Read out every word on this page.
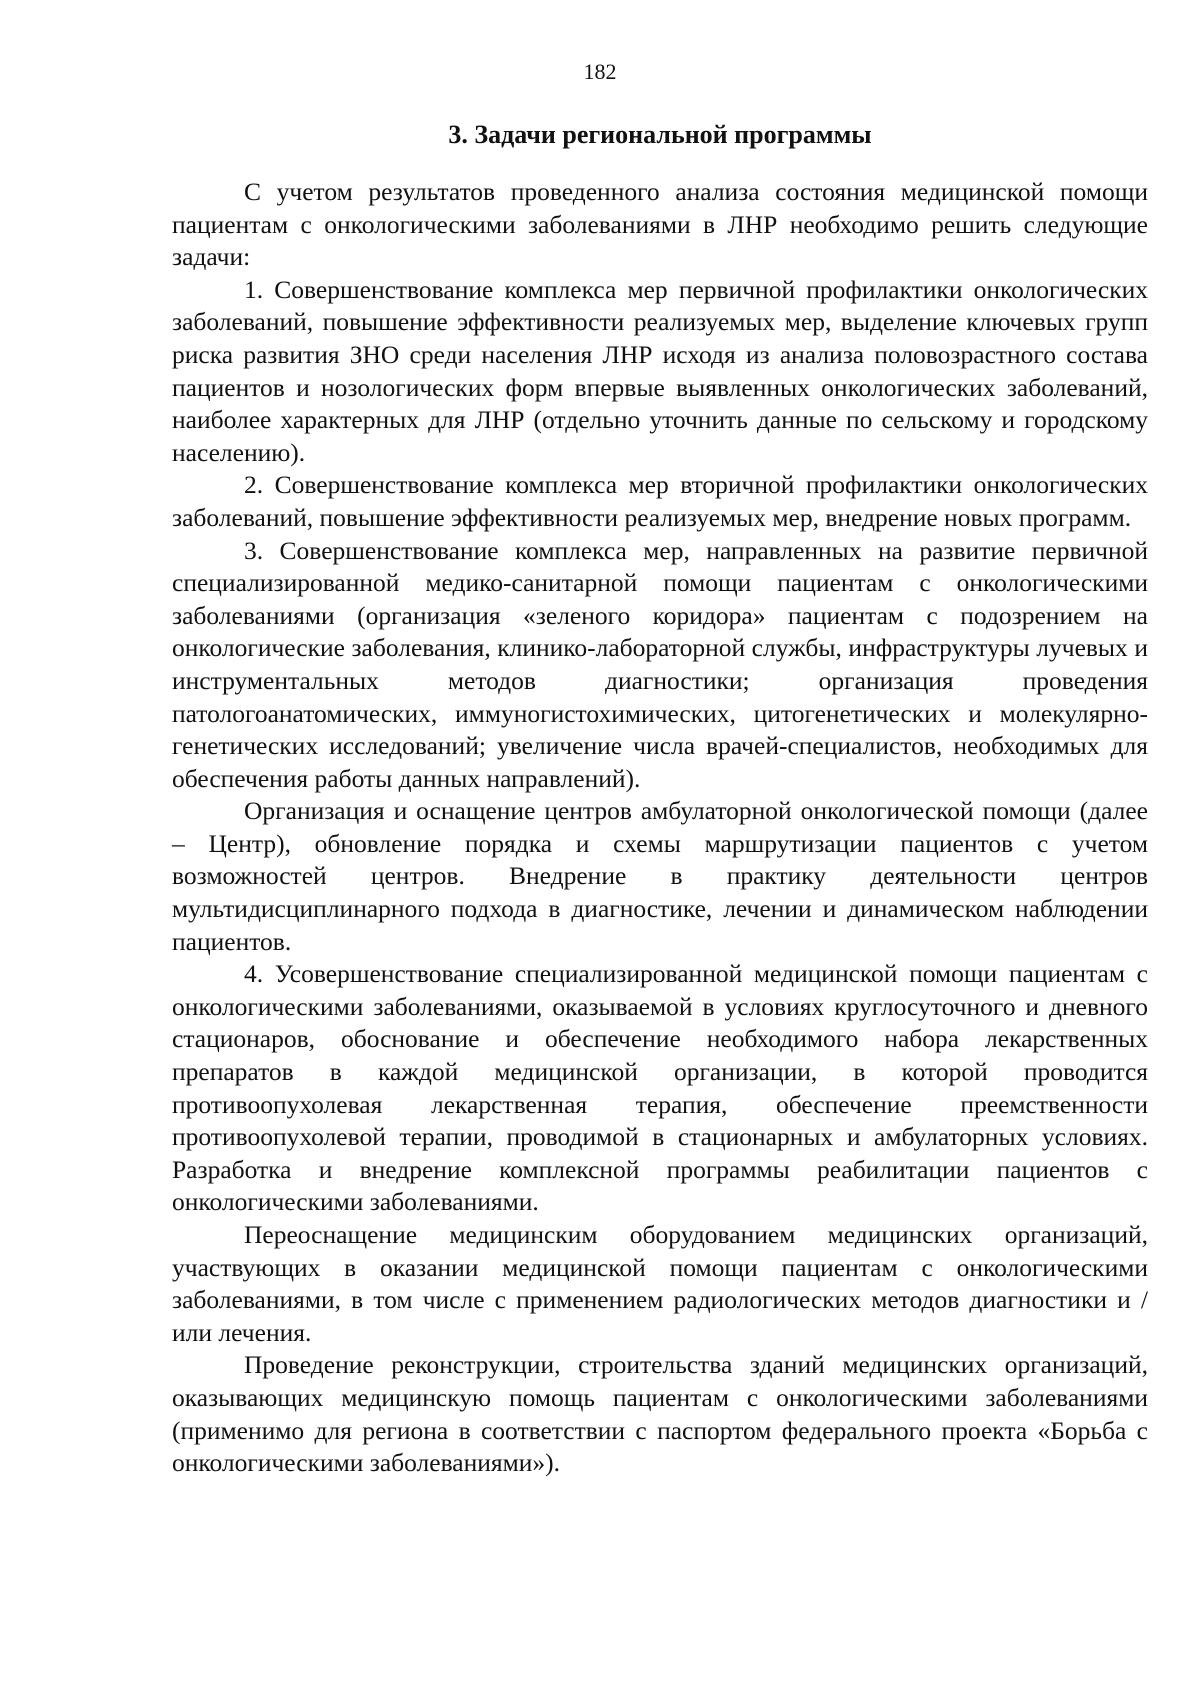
182
3. Задачи региональной программы

С учетом результатов проведенного анализа состояния медицинской помощи пациентам с онкологическими заболеваниями в ЛНР необходимо решить следующие задачи:

1. Совершенствование комплекса мер первичной профилактики онкологических заболеваний, повышение эффективности реализуемых мер, выделение ключевых групп риска развития ЗНО среди населения ЛНР исходя из анализа половозрастного состава пациентов и нозологических форм впервые выявленных онкологических заболеваний, наиболее характерных для ЛНР (отдельно уточнить данные по сельскому и городскому населению).

2. Совершенствование комплекса мер вторичной профилактики онкологических заболеваний, повышение эффективности реализуемых мер, внедрение новых программ.

3. Совершенствование комплекса мер, направленных на развитие первичной специализированной медико-санитарной помощи пациентам с онкологическими заболеваниями (организация «зеленого коридора» пациентам с подозрением на онкологические заболевания, клинико-лабораторной службы, инфраструктуры лучевых и инструментальных методов диагностики; организация проведения патологоанатомических, иммуногистохимических, цитогенетических и молекулярно-генетических исследований; увеличение числа врачей-специалистов, необходимых для обеспечения работы данных направлений).

Организация и оснащение центров амбулаторной онкологической помощи (далее – Центр), обновление порядка и схемы маршрутизации пациентов с учетом возможностей центров. Внедрение в практику деятельности центров мультидисциплинарного подхода в диагностике, лечении и динамическом наблюдении пациентов.

4. Усовершенствование специализированной медицинской помощи пациентам с онкологическими заболеваниями, оказываемой в условиях круглосуточного и дневного стационаров, обоснование и обеспечение необходимого набора лекарственных препаратов в каждой медицинской организации, в которой проводится противоопухолевая лекарственная терапия, обеспечение преемственности противоопухолевой терапии, проводимой в стационарных и амбулаторных условиях. Разработка и внедрение комплексной программы реабилитации пациентов с онкологическими заболеваниями.

Переоснащение медицинским оборудованием медицинских организаций, участвующих в оказании медицинской помощи пациентам с онкологическими заболеваниями, в том числе с применением радиологических методов диагностики и / или лечения.

Проведение реконструкции, строительства зданий медицинских организаций, оказывающих медицинскую помощь пациентам с онкологическими заболеваниями (применимо для региона в соответствии с паспортом федерального проекта «Борьба с онкологическими заболеваниями»).
